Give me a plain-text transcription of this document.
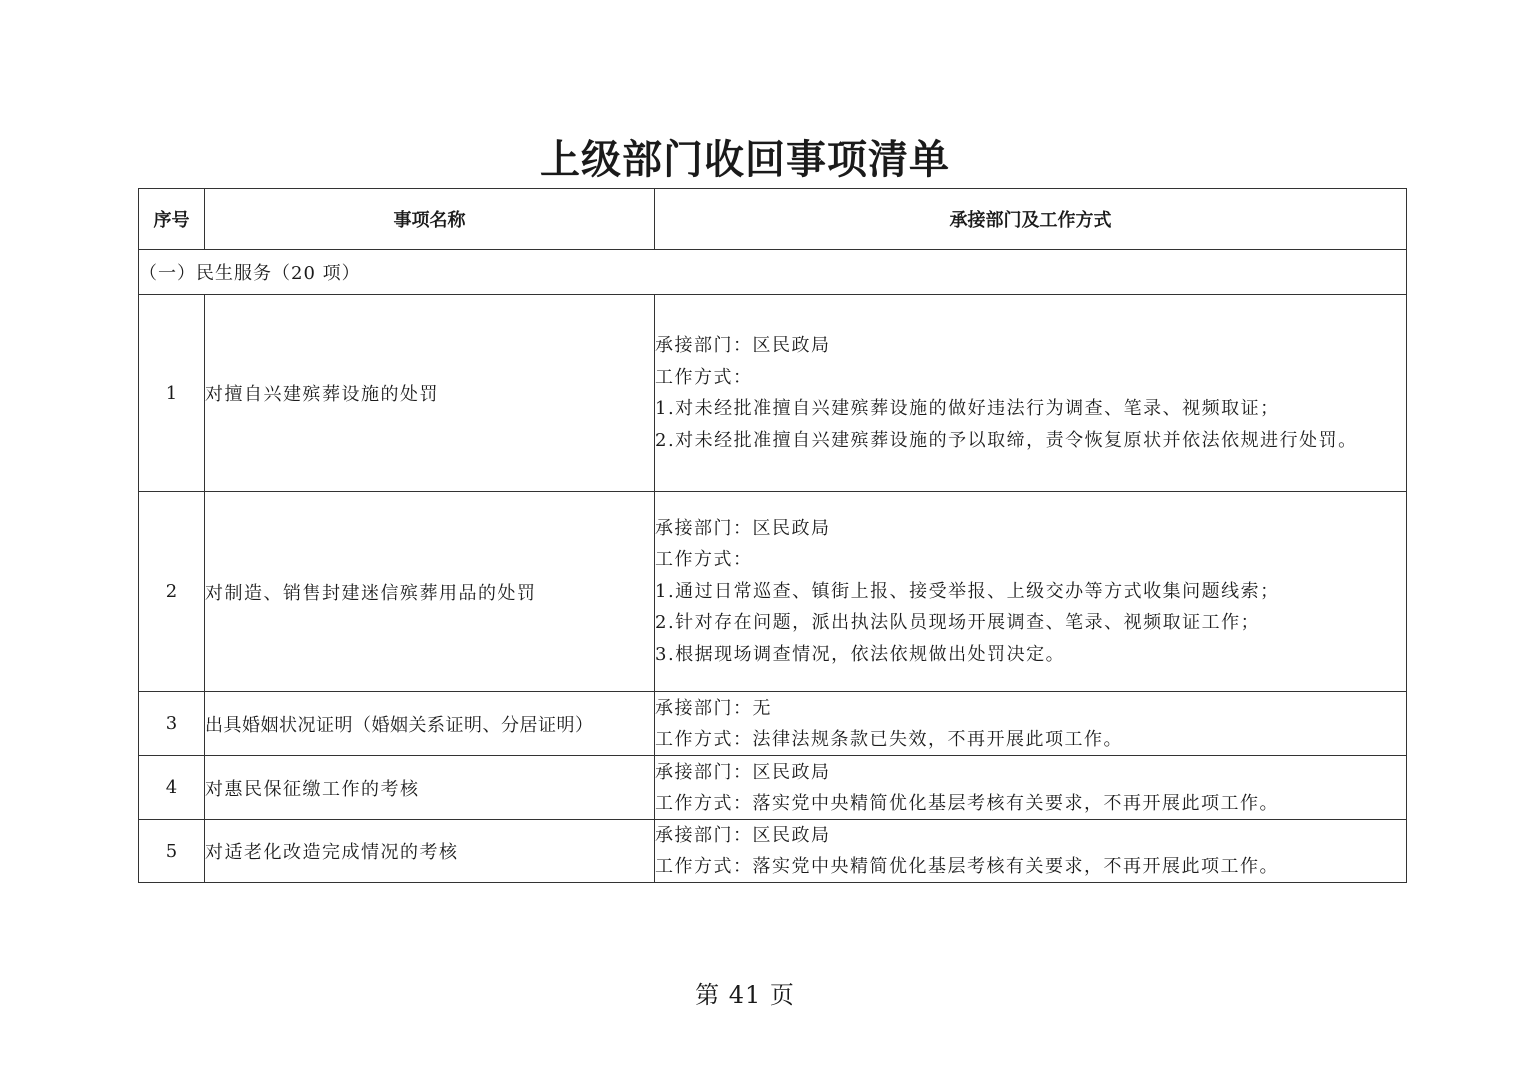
上级部门收回事项清单
序号	事项名称	承接部门及工作方式
（一）民生服务（20 项）		
1	对擅自兴建殡葬设施的处罚	承接部门：区民政局
工作方式：
1.对未经批准擅自兴建殡葬设施的做好违法行为调查、笔录、视频取证；
2.对未经批准擅自兴建殡葬设施的予以取缔，责令恢复原状并依法依规进行处罚。

2	对制造、销售封建迷信殡葬用品的处罚	承接部门：区民政局
工作方式：
1.通过日常巡查、镇街上报、接受举报、上级交办等方式收集问题线索；
2.针对存在问题，派出执法队员现场开展调查、笔录、视频取证工作；
3.根据现场调查情况，依法依规做出处罚决定。

3	出具婚姻状况证明（婚姻关系证明、分居证明）	承接部门：无
工作方式：法律法规条款已失效，不再开展此项工作。

4	对惠民保征缴工作的考核	承接部门：区民政局
工作方式：落实党中央精简优化基层考核有关要求，不再开展此项工作。

5	对适老化改造完成情况的考核	承接部门：区民政局
工作方式：落实党中央精简优化基层考核有关要求，不再开展此项工作。
第 41 页
